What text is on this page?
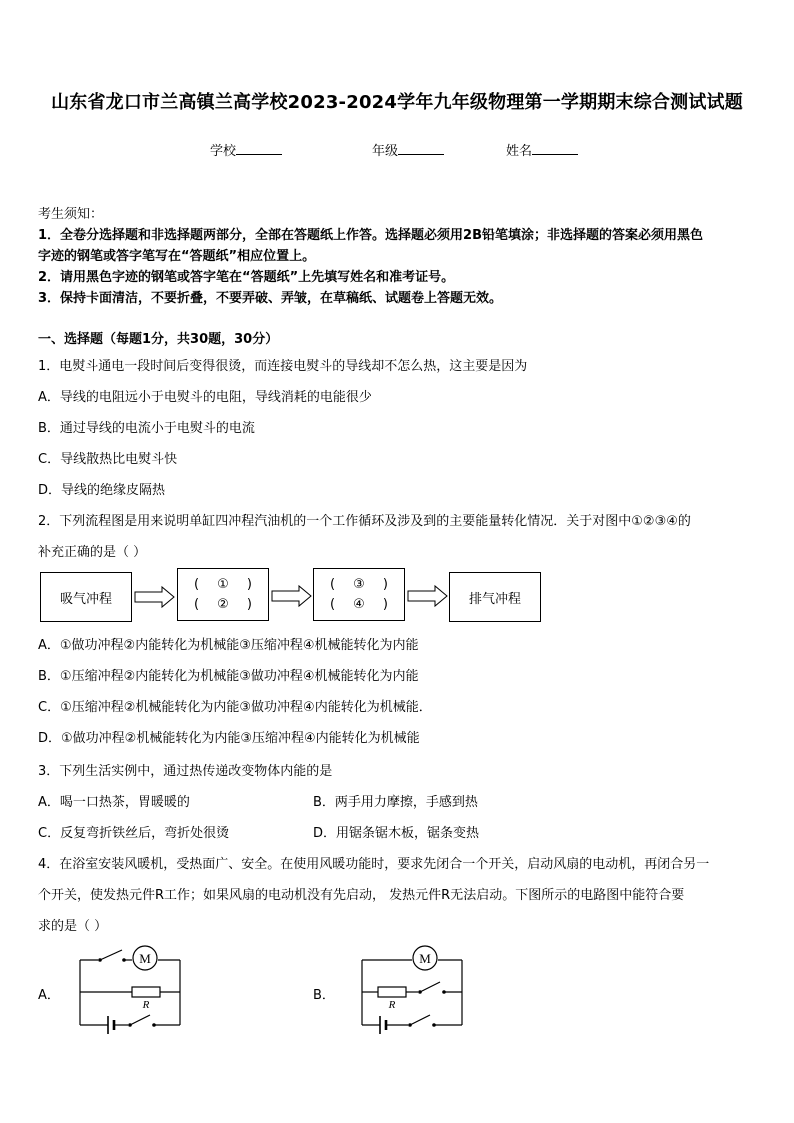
山东省龙口市兰高镇兰高学校2023-2024学年九年级物理第一学期期末综合测试试题
学校	年级	姓名
考生须知：
1．全卷分选择题和非选择题两部分，全部在答题纸上作答。选择题必须用2B铅笔填涂；非选择题的答案必须用黑色
字迹的钢笔或答字笔写在“答题纸”相应位置上。
2．请用黑色字迹的钢笔或答字笔在“答题纸”上先填写姓名和准考证号。
3．保持卡面清洁，不要折叠，不要弄破、弄皱，在草稿纸、试题卷上答题无效。
一、选择题（每题1分，共30题，30分）
1．电熨斗通电一段时间后变得很烫，而连接电熨斗的导线却不怎么热，这主要是因为
A．导线的电阻远小于电熨斗的电阻，导线消耗的电能很少
B．通过导线的电流小于电熨斗的电流
C．导线散热比电熨斗快
D．导线的绝缘皮隔热
2．下列流程图是用来说明单缸四冲程汽油机的一个工作循环及涉及到的主要能量转化情况．关于对图中①②③④的
补充正确的是（ ）
吸气冲程
( ① )
( ② )
( ③ )
( ④ )	排气冲程
A．①做功冲程②内能转化为机械能③压缩冲程④机械能转化为内能
B．①压缩冲程②内能转化为机械能③做功冲程④机械能转化为内能
C．①压缩冲程②机械能转化为内能③做功冲程④内能转化为机械能．
D．①做功冲程②机械能转化为内能③压缩冲程④内能转化为机械能
3．下列生活实例中，通过热传递改变物体内能的是
A．喝一口热茶，胃暖暖的	B．两手用力摩擦，手感到热
C．反复弯折铁丝后，弯折处很烫	D．用锯条锯木板，锯条变热
4．在浴室安装风暖机，受热面广、安全。在使用风暖功能时，要求先闭合一个开关，启动风扇的电动机，再闭合另一
个开关，使发热元件R工作；如果风扇的电动机没有先启动， 发热元件R无法启动。下图所示的电路图中能符合要
求的是（ ）
A．
M
R
B．
M
R
